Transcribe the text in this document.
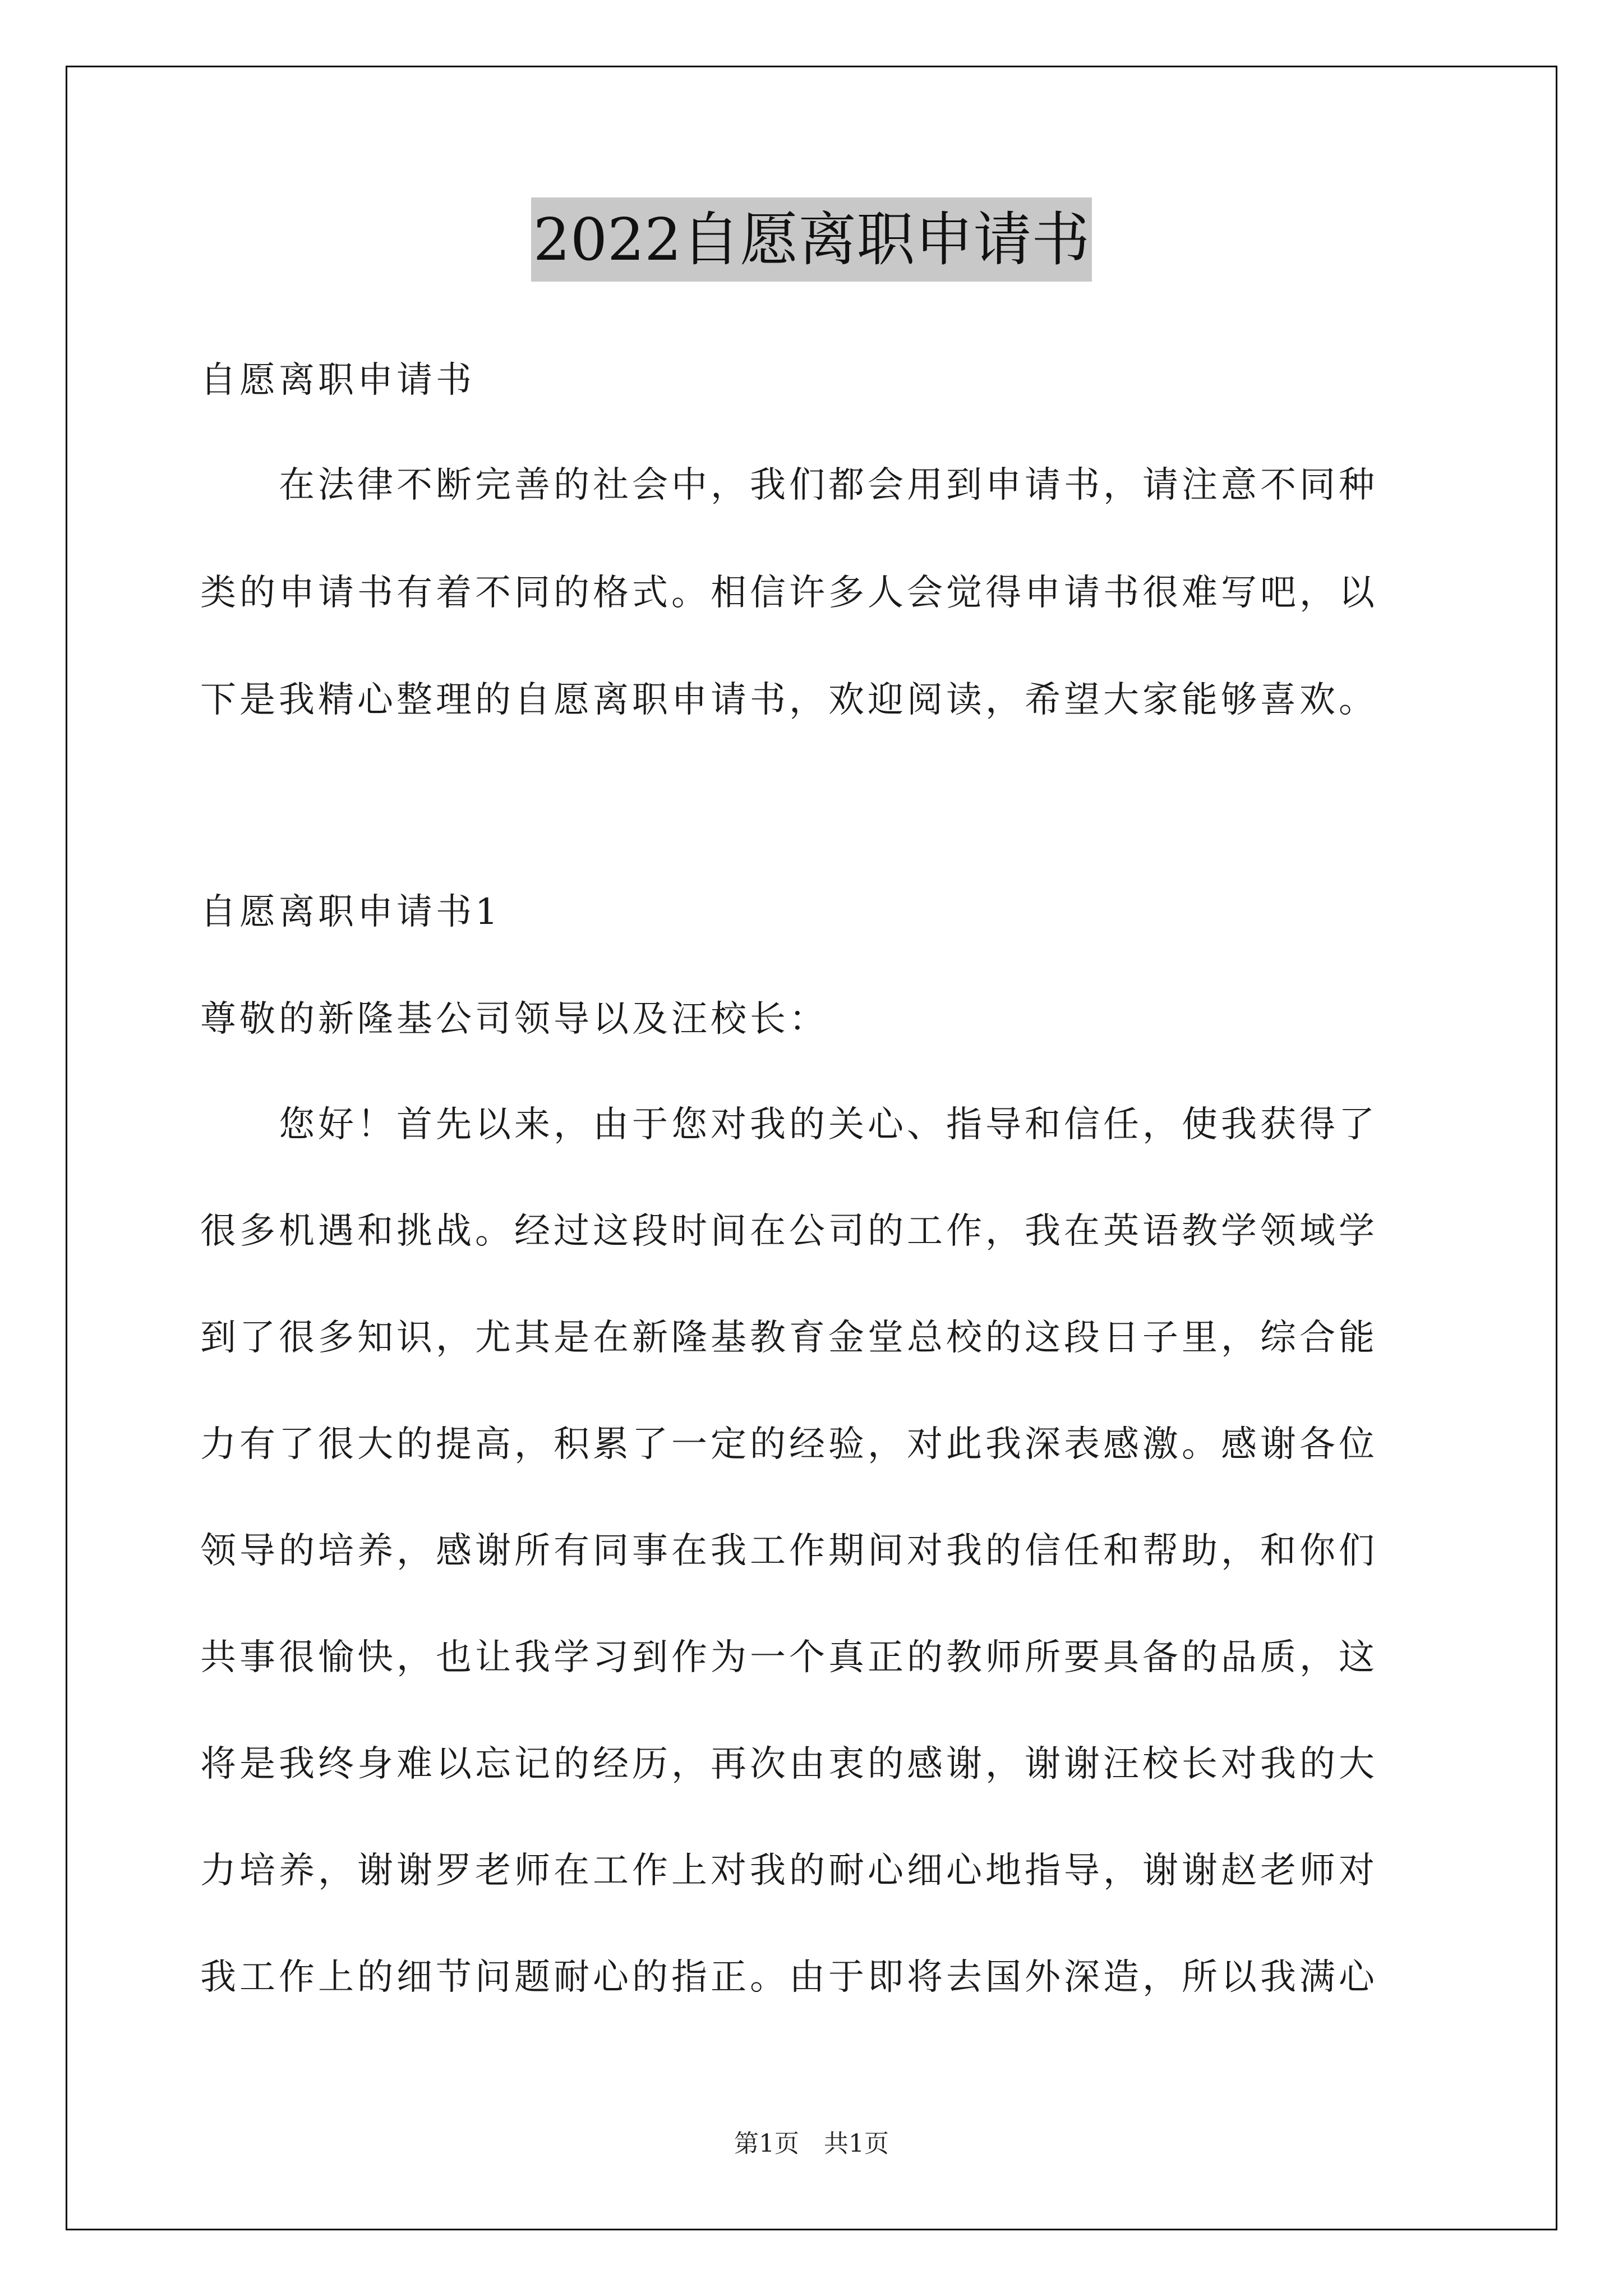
2022自愿离职申请书
自愿离职申请书
　　在法律不断完善的社会中，我们都会用到申请书，请注意不同种
类的申请书有着不同的格式。相信许多人会觉得申请书很难写吧，以
下是我精心整理的自愿离职申请书，欢迎阅读，希望大家能够喜欢。
自愿离职申请书1
尊敬的新隆基公司领导以及汪校长：
　　您好！首先以来，由于您对我的关心、指导和信任，使我获得了
很多机遇和挑战。经过这段时间在公司的工作，我在英语教学领域学
到了很多知识，尤其是在新隆基教育金堂总校的这段日子里，综合能
力有了很大的提高，积累了一定的经验，对此我深表感激。感谢各位
领导的培养，感谢所有同事在我工作期间对我的信任和帮助，和你们
共事很愉快，也让我学习到作为一个真正的教师所要具备的品质，这
将是我终身难以忘记的经历，再次由衷的感谢，谢谢汪校长对我的大
力培养，谢谢罗老师在工作上对我的耐心细心地指导，谢谢赵老师对
我工作上的细节问题耐心的指正。由于即将去国外深造，所以我满心
第1页　共1页
